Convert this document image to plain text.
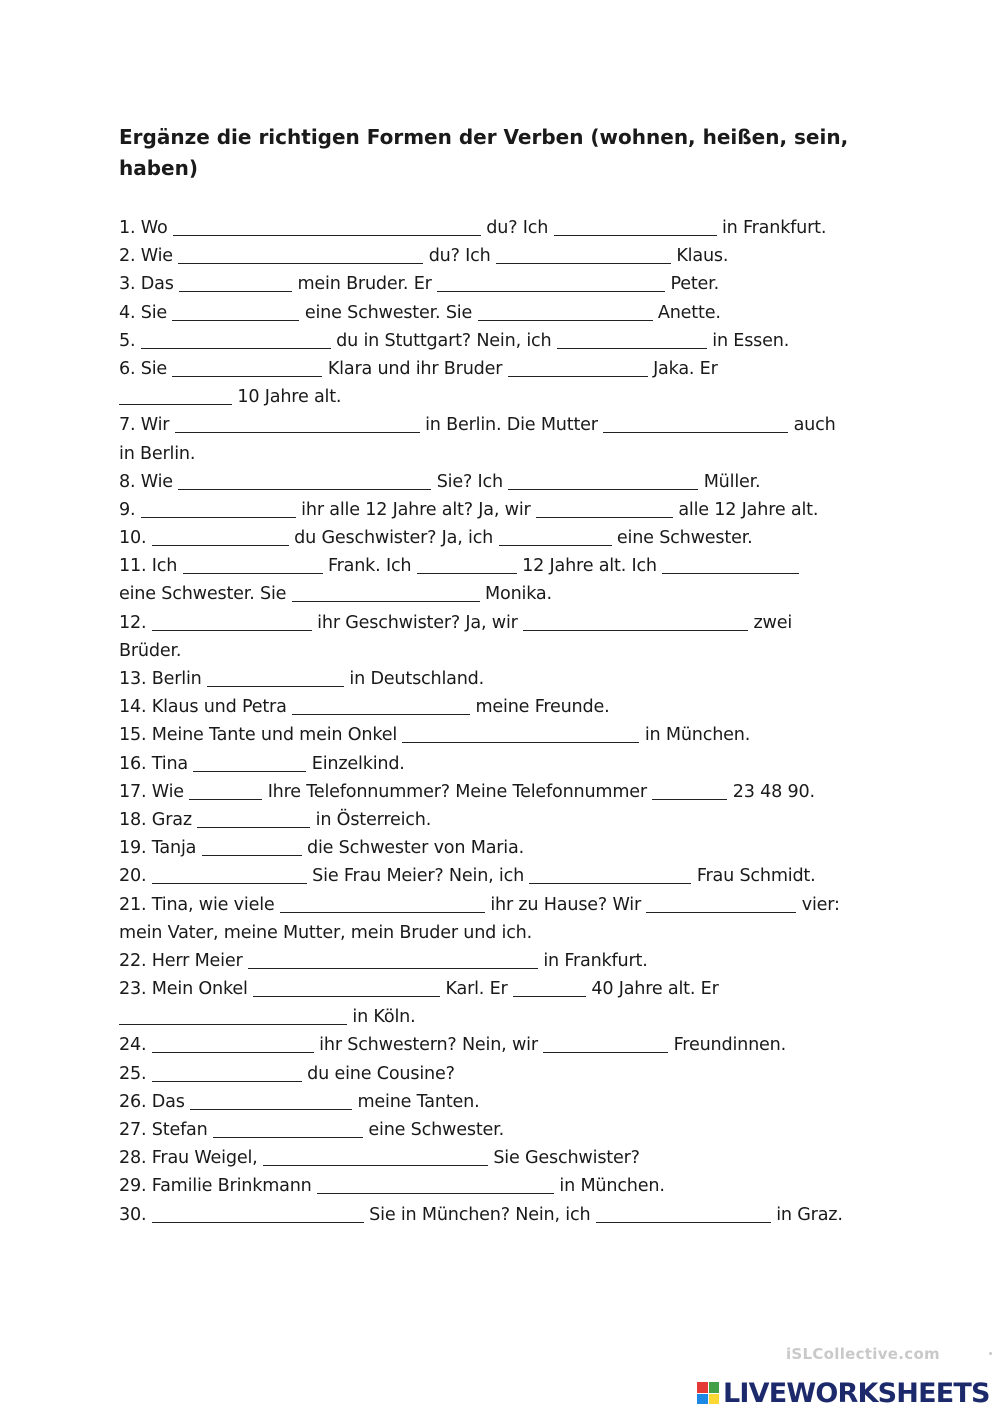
Ergänze die richtigen Formen der Verben (wohnen, heißen, sein, haben)
1. Wo	du? Ich	in Frankfurt.
2. Wie	du? Ich	Klaus.
3. Das	mein Bruder. Er	Peter.
4. Sie	eine Schwester. Sie	Anette.
5.	du in Stuttgart? Nein, ich	in Essen.
6. Sie	Klara und ihr Bruder	Jaka. Er
10 Jahre alt.
7. Wir	in Berlin. Die Mutter	auch
in Berlin.
8. Wie	Sie? Ich	Müller.
9.	ihr alle 12 Jahre alt? Ja, wir	alle 12 Jahre alt.
10.	du Geschwister? Ja, ich	eine Schwester.
11. Ich	Frank. Ich	12 Jahre alt. Ich
eine Schwester. Sie	Monika.
12.	ihr Geschwister? Ja, wir	zwei
Brüder.
13. Berlin	in Deutschland.
14. Klaus und Petra	meine Freunde.
15. Meine Tante und mein Onkel	in München.
16. Tina	Einzelkind.
17. Wie	Ihre Telefonnummer? Meine Telefonnummer	23 48 90.
18. Graz	in Österreich.
19. Tanja	die Schwester von Maria.
20.	Sie Frau Meier? Nein, ich	Frau Schmidt.
21. Tina, wie viele	ihr zu Hause? Wir	vier:
mein Vater, meine Mutter, mein Bruder und ich.
22. Herr Meier	in Frankfurt.
23. Mein Onkel	Karl. Er	40 Jahre alt. Er
in Köln.
24.	ihr Schwestern? Nein, wir	Freundinnen.
25.	du eine Cousine?
26. Das	meine Tanten.
27. Stefan	eine Schwester.
28. Frau Weigel,	Sie Geschwister?
29. Familie Brinkmann	in München.
30.	Sie in München? Nein, ich	in Graz.
iSLCollective.com
LIVEWORKSHEETS
